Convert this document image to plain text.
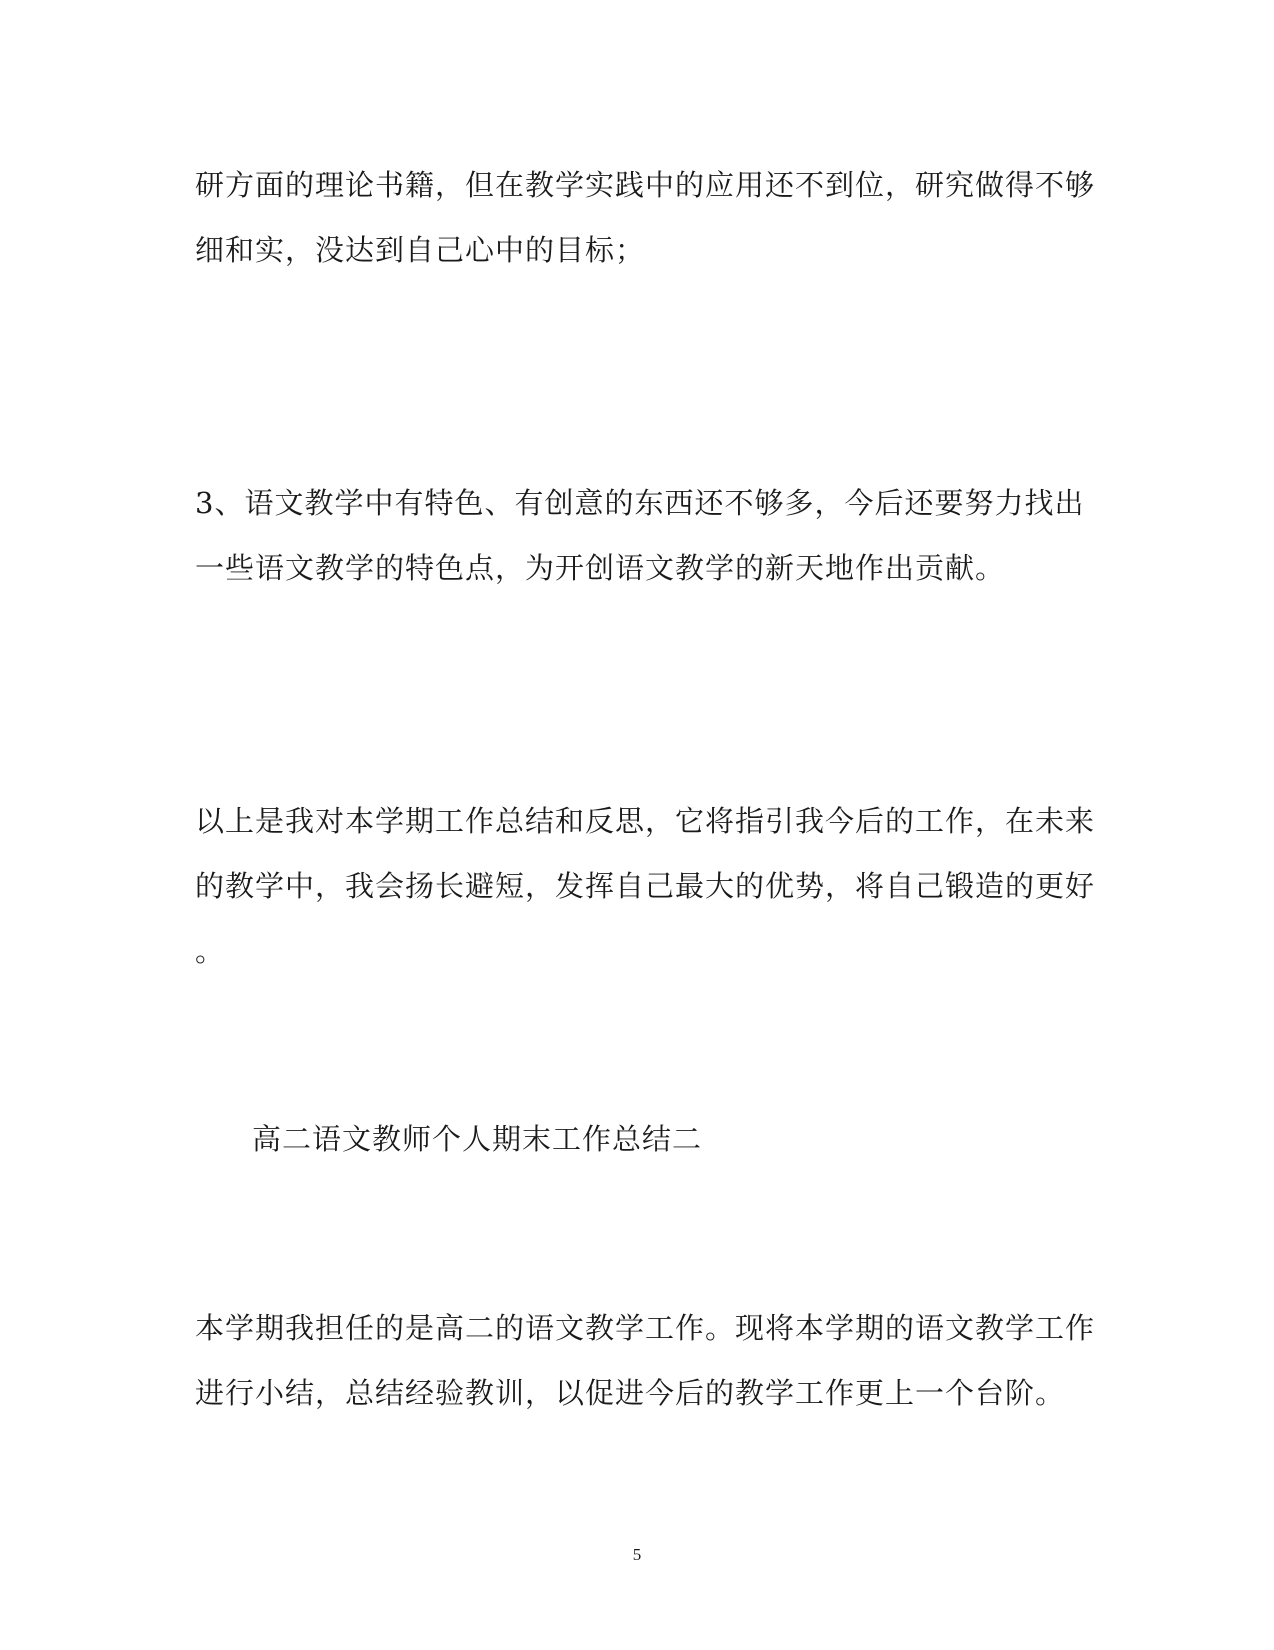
研方面的理论书籍，但在教学实践中的应用还不到位，研究做得不够
细和实，没达到自己心中的目标；
3、语文教学中有特色、有创意的东西还不够多，今后还要努力找出
一些语文教学的特色点，为开创语文教学的新天地作出贡献。
以上是我对本学期工作总结和反思，它将指引我今后的工作，在未来
的教学中，我会扬长避短，发挥自己最大的优势，将自己锻造的更好
。
高二语文教师个人期末工作总结二
本学期我担任的是高二的语文教学工作。现将本学期的语文教学工作
进行小结，总结经验教训，以促进今后的教学工作更上一个台阶。
5
